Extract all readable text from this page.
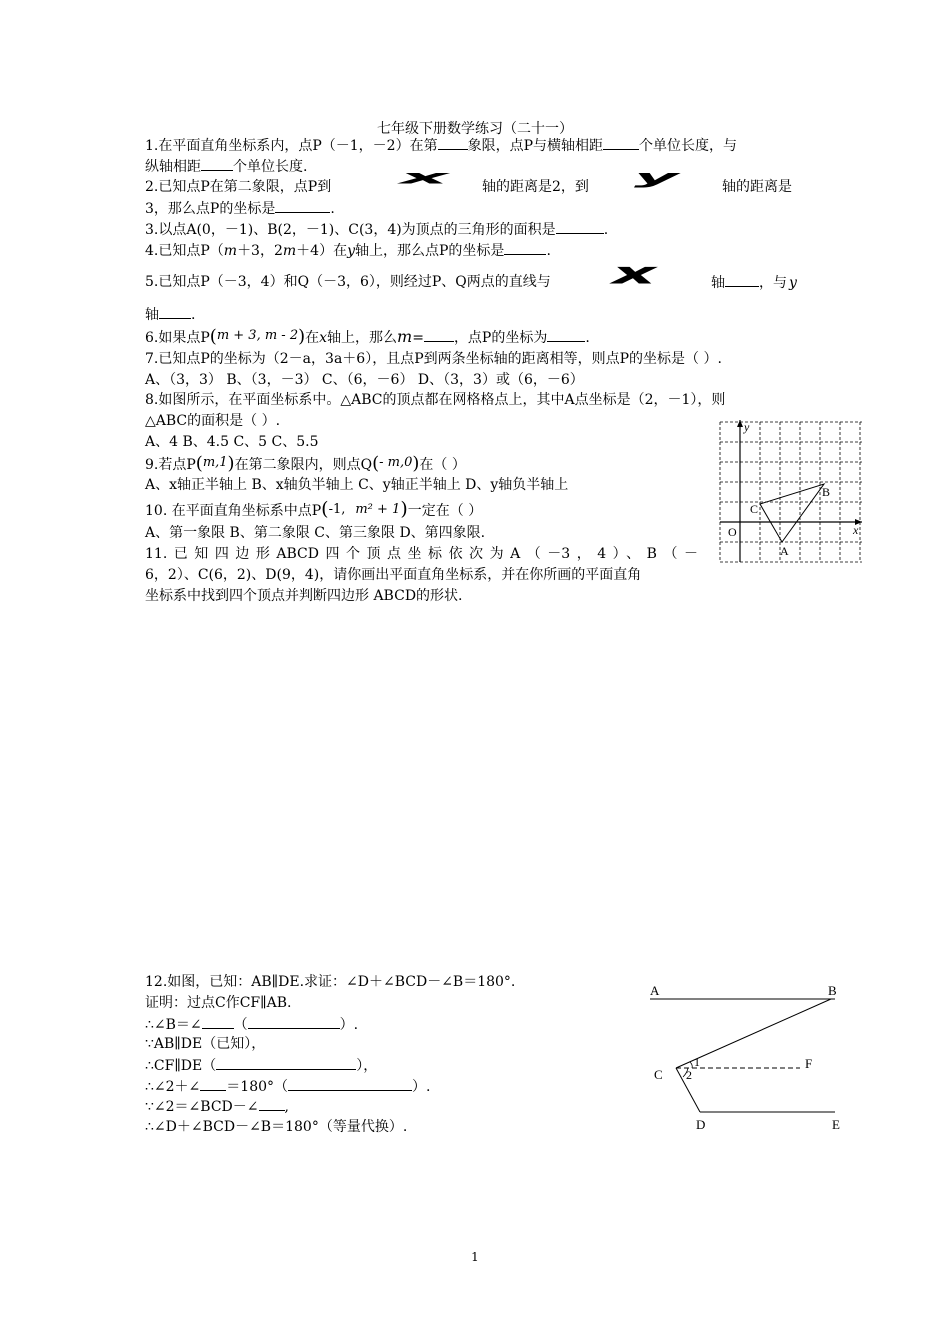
七年级下册数学练习（二十一）
1.在平面直角坐标系内，点P（－1，－2）在第 象限，点P与横轴相距	个单位长度，与
纵轴相距 个单位长度.
2.已知点P在第二象限，点P到 x 轴的距离是2，到 y	轴的距离是
3，那么点P的坐标是	.
3.以点A(0，－1)、B(2，－1)、C(3，4)为顶点的三角形的面积是	.
4.已知点P（m＋3，2m＋4）在y轴上，那么点P的坐标是	.
5.已知点P（－3，4）和Q（－3，6），则经过P、Q两点的直线与 x	轴 ，与 y
轴 .
6.如果点P(m + 3, m - 2)在x轴上，那么m= ，点P的坐标为	.
7.已知点P的坐标为（2－a，3a＋6），且点P到两条坐标轴的距离相等，则点P的坐标是（ ）.
A、（3，3） B、（3，－3） C、（6，－6） D、（3，3）或（6，－6）
8.如图所示，在平面坐标系中。△ABC的顶点都在网格格点上，其中A点坐标是（2，－1），则
△ABC的面积是（ ）.
A、4 B、4.5 C、5 C、5.5
9.若点P(m,1)在第二象限内，则点Q(- m,0)在（ ）
A、x轴正半轴上 B、x轴负半轴上 C、y轴正半轴上 D、y轴负半轴上
10. 在平面直角坐标系中点P(-1, m² + 1)一定在（ ）
A、第一象限 B、第二象限 C、第三象限 D、第四象限.
11.已知四边形ABCD四个顶点坐标依次为A（－3，4）、B（－
6，2）、C(6，2)、D(9，4)，请你画出平面直角坐标系，并在你所画的平面直角
坐标系中找到四个顶点并判断四边形 ABCD的形状.
y
x
O
A
B
C
12.如图，已知：AB∥DE.求证：∠D＋∠BCD－∠B＝180°.
证明：过点C作CF∥AB.
∴∠B＝∠ （	）.
∵AB∥DE（已知），
∴CF∥DE（	），
∴∠2＋∠ ＝180°（	）.
∵∠2＝∠BCD－∠ ,
∴∠D＋∠BCD－∠B＝180°（等量代换）.
A	B
C
D	E
F
1
2
1
